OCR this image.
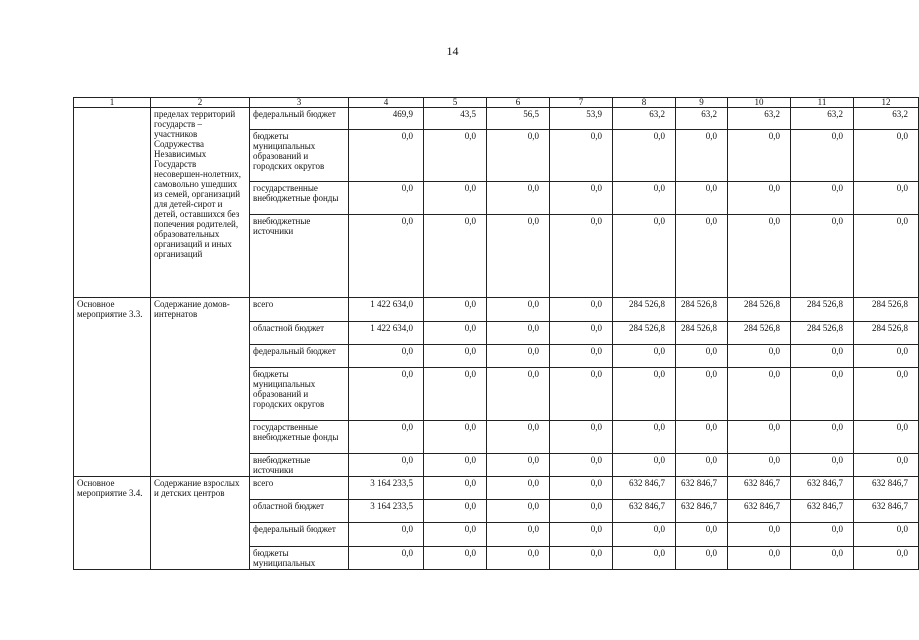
14
1	2	3	4	5	6	7	8	9	10	11	12
	пределах территорий государств – участников Содружества Независимых Государств несовершен-нолетних, самовольно ушедших из семей, организаций для детей-сирот и детей, оставшихся без попечения родителей, образовательных организаций и иных организаций	федеральный бюджет	469,9	43,5	56,5	53,9	63,2	63,2	63,2	63,2	63,2
		бюджеты муниципальных образований и городских округов	0,0	0,0	0,0	0,0	0,0	0,0	0,0	0,0	0,0
		государственные внебюджетные фонды	0,0	0,0	0,0	0,0	0,0	0,0	0,0	0,0	0,0
		внебюджетные источники	0,0	0,0	0,0	0,0	0,0	0,0	0,0	0,0	0,0
Основное мероприятие 3.3.	Содержание домов-интернатов	всего	1 422 634,0	0,0	0,0	0,0	284 526,8	284 526,8	284 526,8	284 526,8	284 526,8
		областной бюджет	1 422 634,0	0,0	0,0	0,0	284 526,8	284 526,8	284 526,8	284 526,8	284 526,8
		федеральный бюджет	0,0	0,0	0,0	0,0	0,0	0,0	0,0	0,0	0,0
		бюджеты муниципальных образований и городских округов	0,0	0,0	0,0	0,0	0,0	0,0	0,0	0,0	0,0
		государственные внебюджетные фонды	0,0	0,0	0,0	0,0	0,0	0,0	0,0	0,0	0,0
		внебюджетные источники	0,0	0,0	0,0	0,0	0,0	0,0	0,0	0,0	0,0
Основное мероприятие 3.4.	Содержание взрослых и детских центров	всего	3 164 233,5	0,0	0,0	0,0	632 846,7	632 846,7	632 846,7	632 846,7	632 846,7
		областной бюджет	3 164 233,5	0,0	0,0	0,0	632 846,7	632 846,7	632 846,7	632 846,7	632 846,7
		федеральный бюджет	0,0	0,0	0,0	0,0	0,0	0,0	0,0	0,0	0,0
		бюджеты муниципальных	0,0	0,0	0,0	0,0	0,0	0,0	0,0	0,0	0,0
